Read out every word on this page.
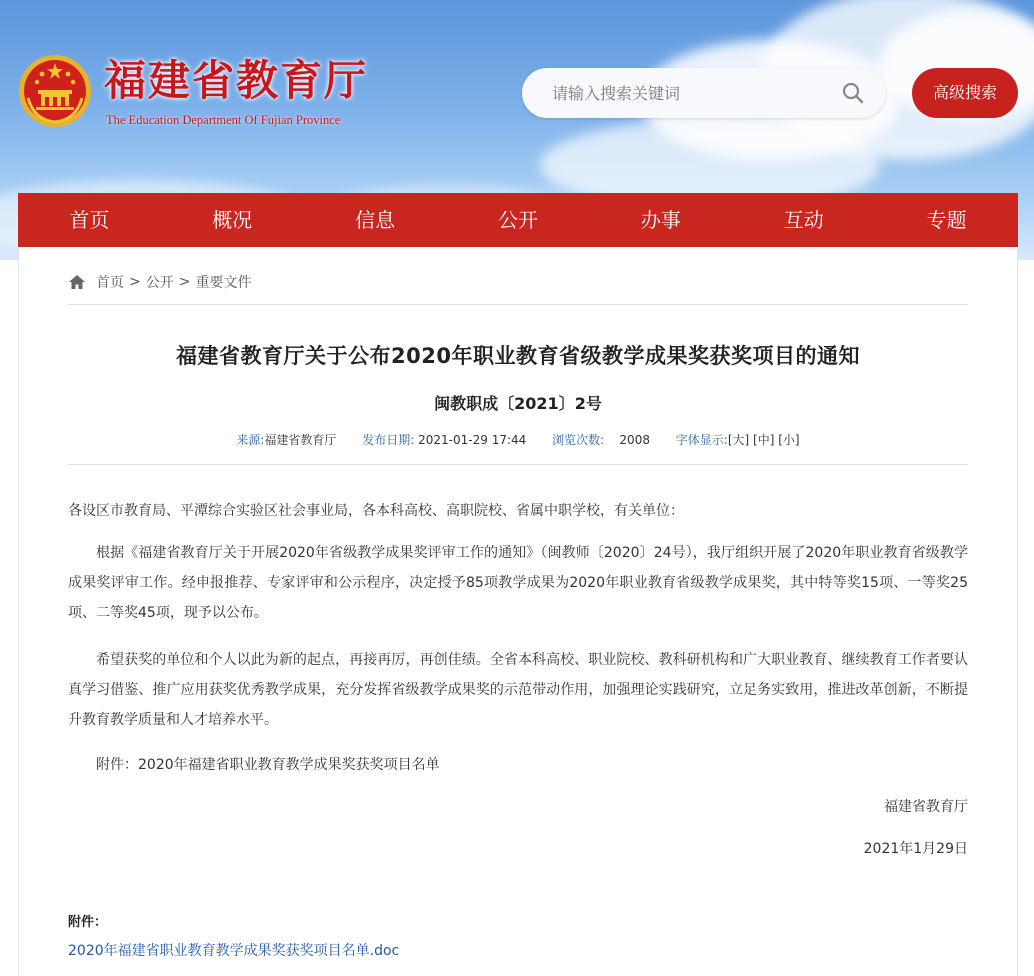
福建省教育厅
The Education Department Of Fujian Province
请输入搜索关键词
高级搜索
首页	概况	信息	公开	办事	互动	专题
首页 > 公开 > 重要文件
福建省教育厅关于公布2020年职业教育省级教学成果奖获奖项目的通知
闽教职成〔2021〕2号
来源:福建省教育厅 发布日期: 2021-01-29 17:44 浏览次数: 2008 字体显示:[大] [中] [小]
各设区市教育局、平潭综合实验区社会事业局，各本科高校、高职院校、省属中职学校，有关单位：
根据《福建省教育厅关于开展2020年省级教学成果奖评审工作的通知》（闽教师〔2020〕24号），我厅组织开展了2020年职业教育省级教学成果奖评审工作。经申报推荐、专家评审和公示程序，决定授予85项教学成果为2020年职业教育省级教学成果奖，其中特等奖15项、一等奖25项、二等奖45项，现予以公布。
希望获奖的单位和个人以此为新的起点，再接再厉，再创佳绩。全省本科高校、职业院校、教科研机构和广大职业教育、继续教育工作者要认真学习借鉴、推广应用获奖优秀教学成果，充分发挥省级教学成果奖的示范带动作用，加强理论实践研究，立足务实致用，推进改革创新，不断提升教育教学质量和人才培养水平。
附件：2020年福建省职业教育教学成果奖获奖项目名单
福建省教育厅
2021年1月29日
附件：
2020年福建省职业教育教学成果奖获奖项目名单.doc
